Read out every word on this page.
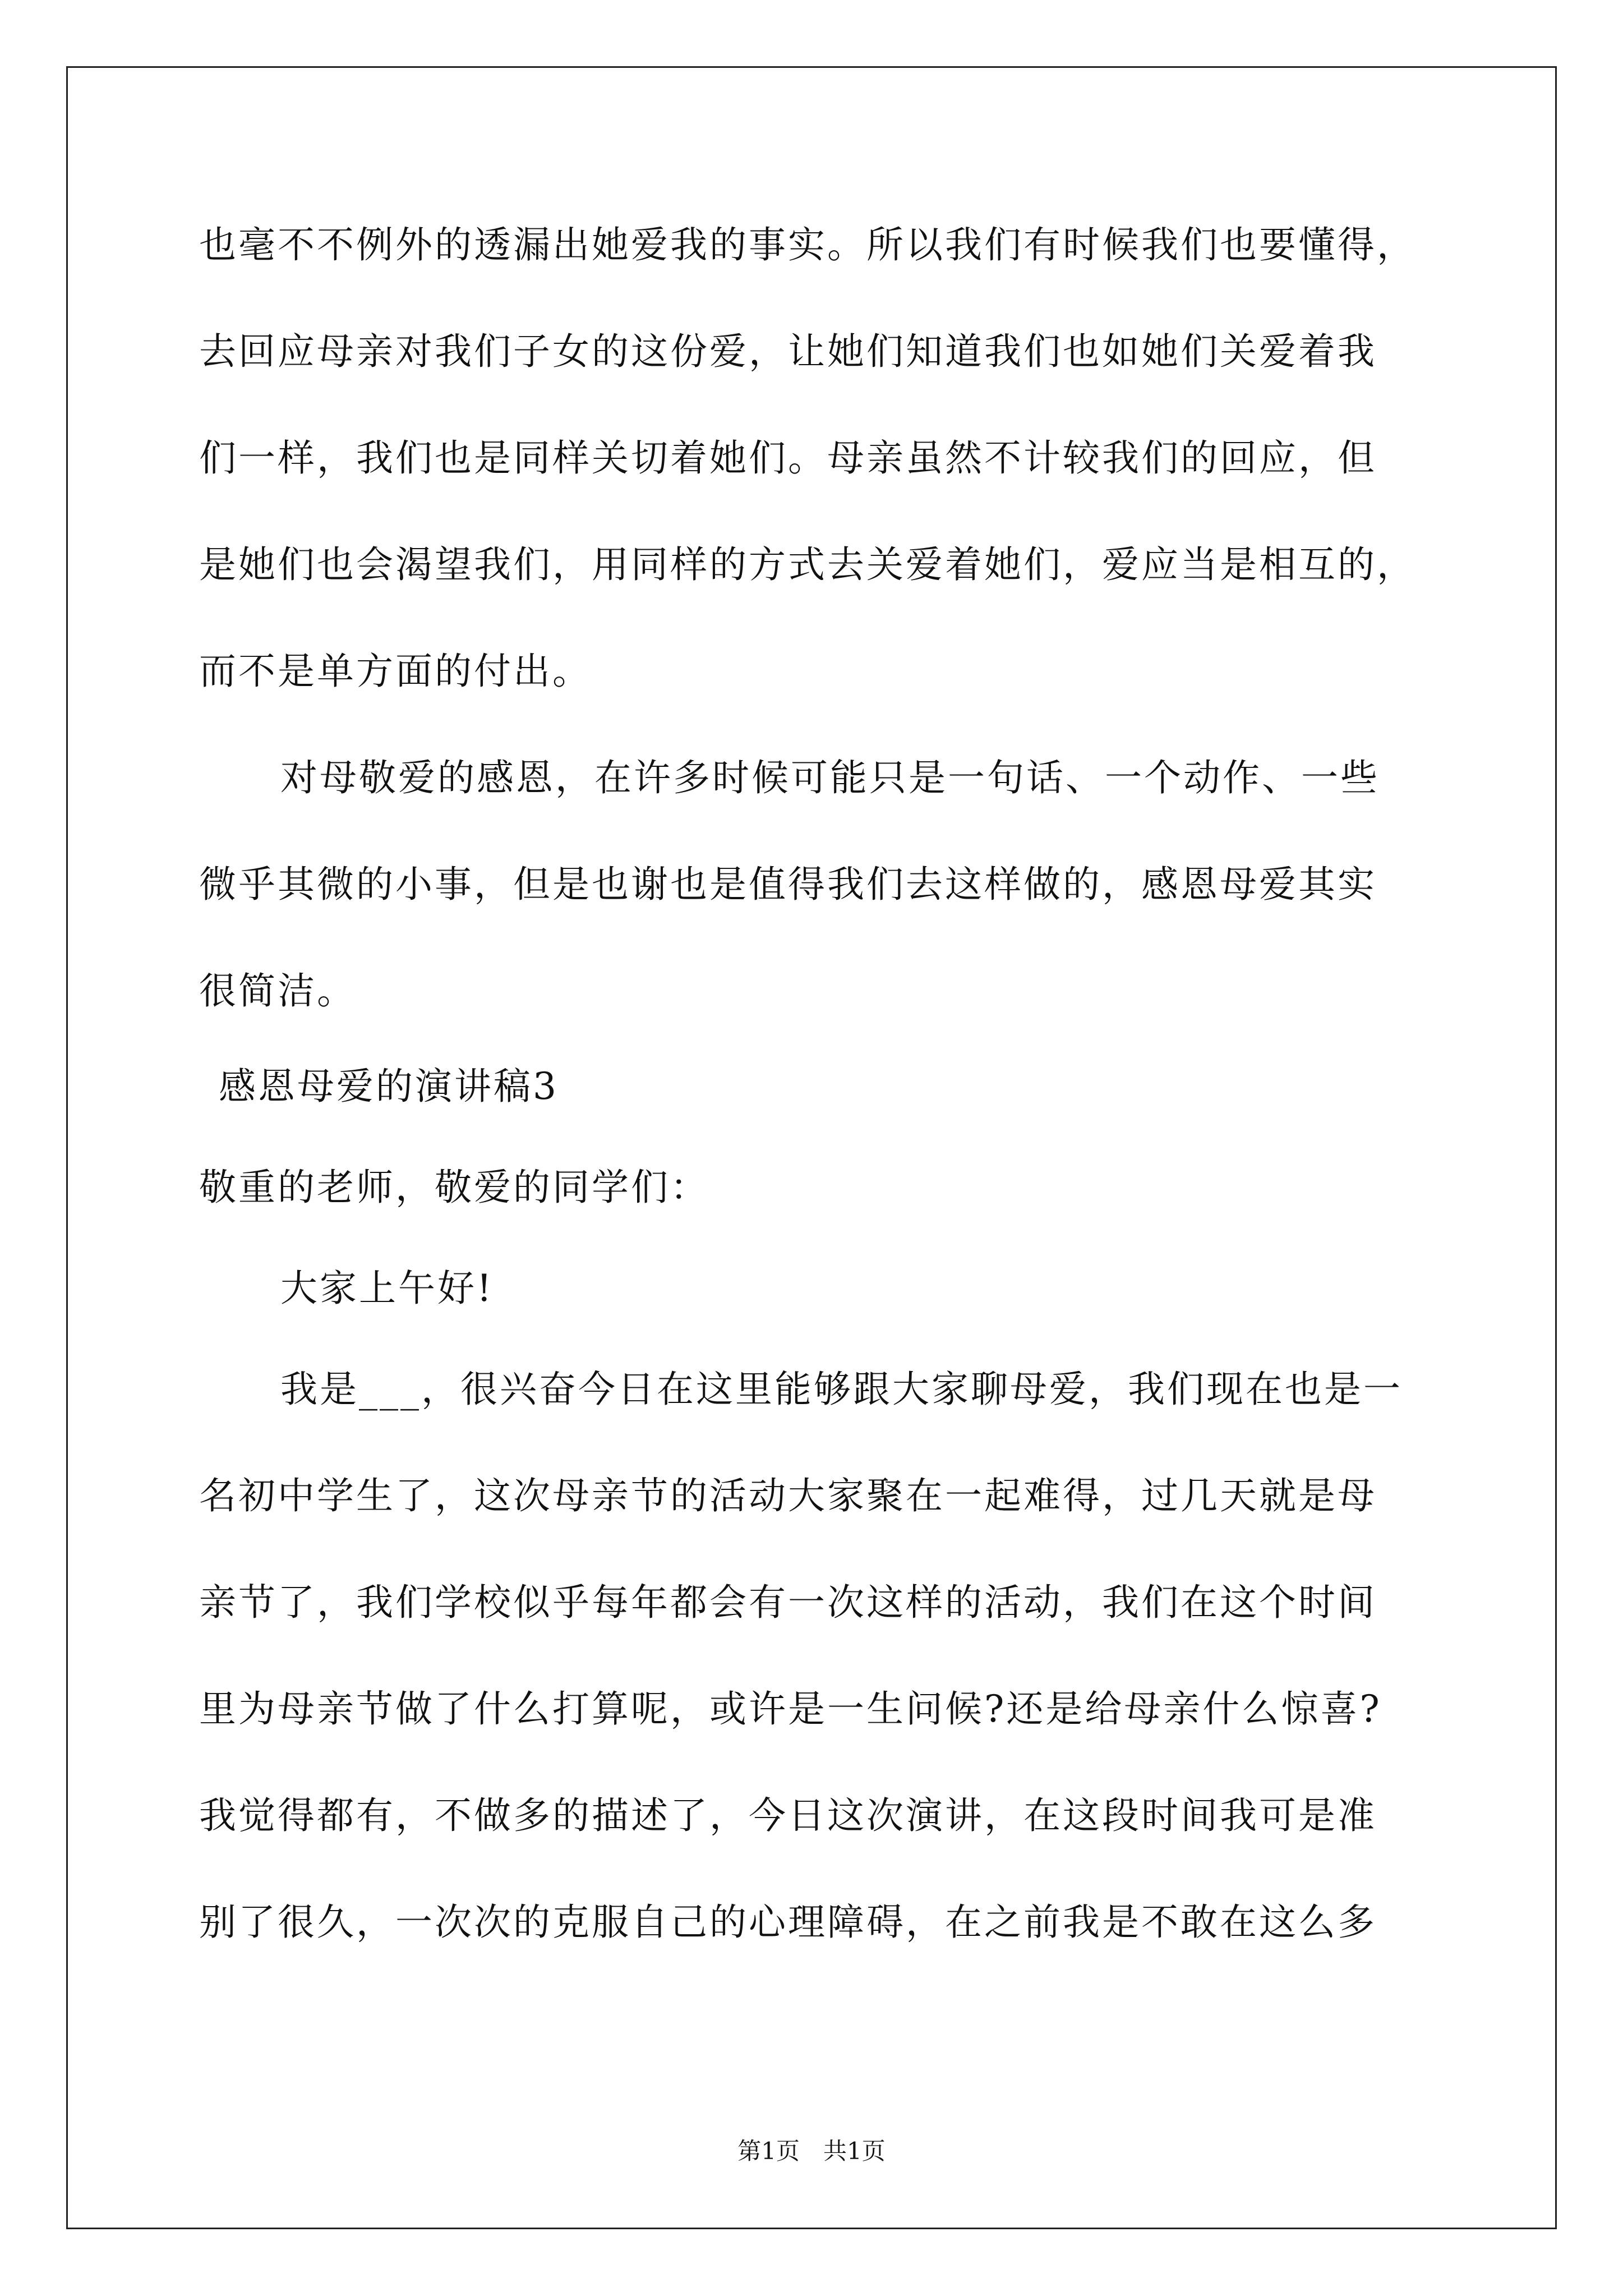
也毫不不例外的透漏出她爱我的事实。所以我们有时候我们也要懂得，
去回应母亲对我们子女的这份爱，让她们知道我们也如她们关爱着我
们一样，我们也是同样关切着她们。母亲虽然不计较我们的回应，但
是她们也会渴望我们，用同样的方式去关爱着她们，爱应当是相互的，
而不是单方面的付出。
对母敬爱的感恩，在许多时候可能只是一句话、一个动作、一些
微乎其微的小事，但是也谢也是值得我们去这样做的，感恩母爱其实
很简洁。
感恩母爱的演讲稿3
敬重的老师，敬爱的同学们：
大家上午好!
我是___，很兴奋今日在这里能够跟大家聊母爱，我们现在也是一
名初中学生了，这次母亲节的活动大家聚在一起难得，过几天就是母
亲节了，我们学校似乎每年都会有一次这样的活动，我们在这个时间
里为母亲节做了什么打算呢，或许是一生问候?还是给母亲什么惊喜?
我觉得都有，不做多的描述了，今日这次演讲，在这段时间我可是准
别了很久，一次次的克服自己的心理障碍，在之前我是不敢在这么多
第1页　共1页
